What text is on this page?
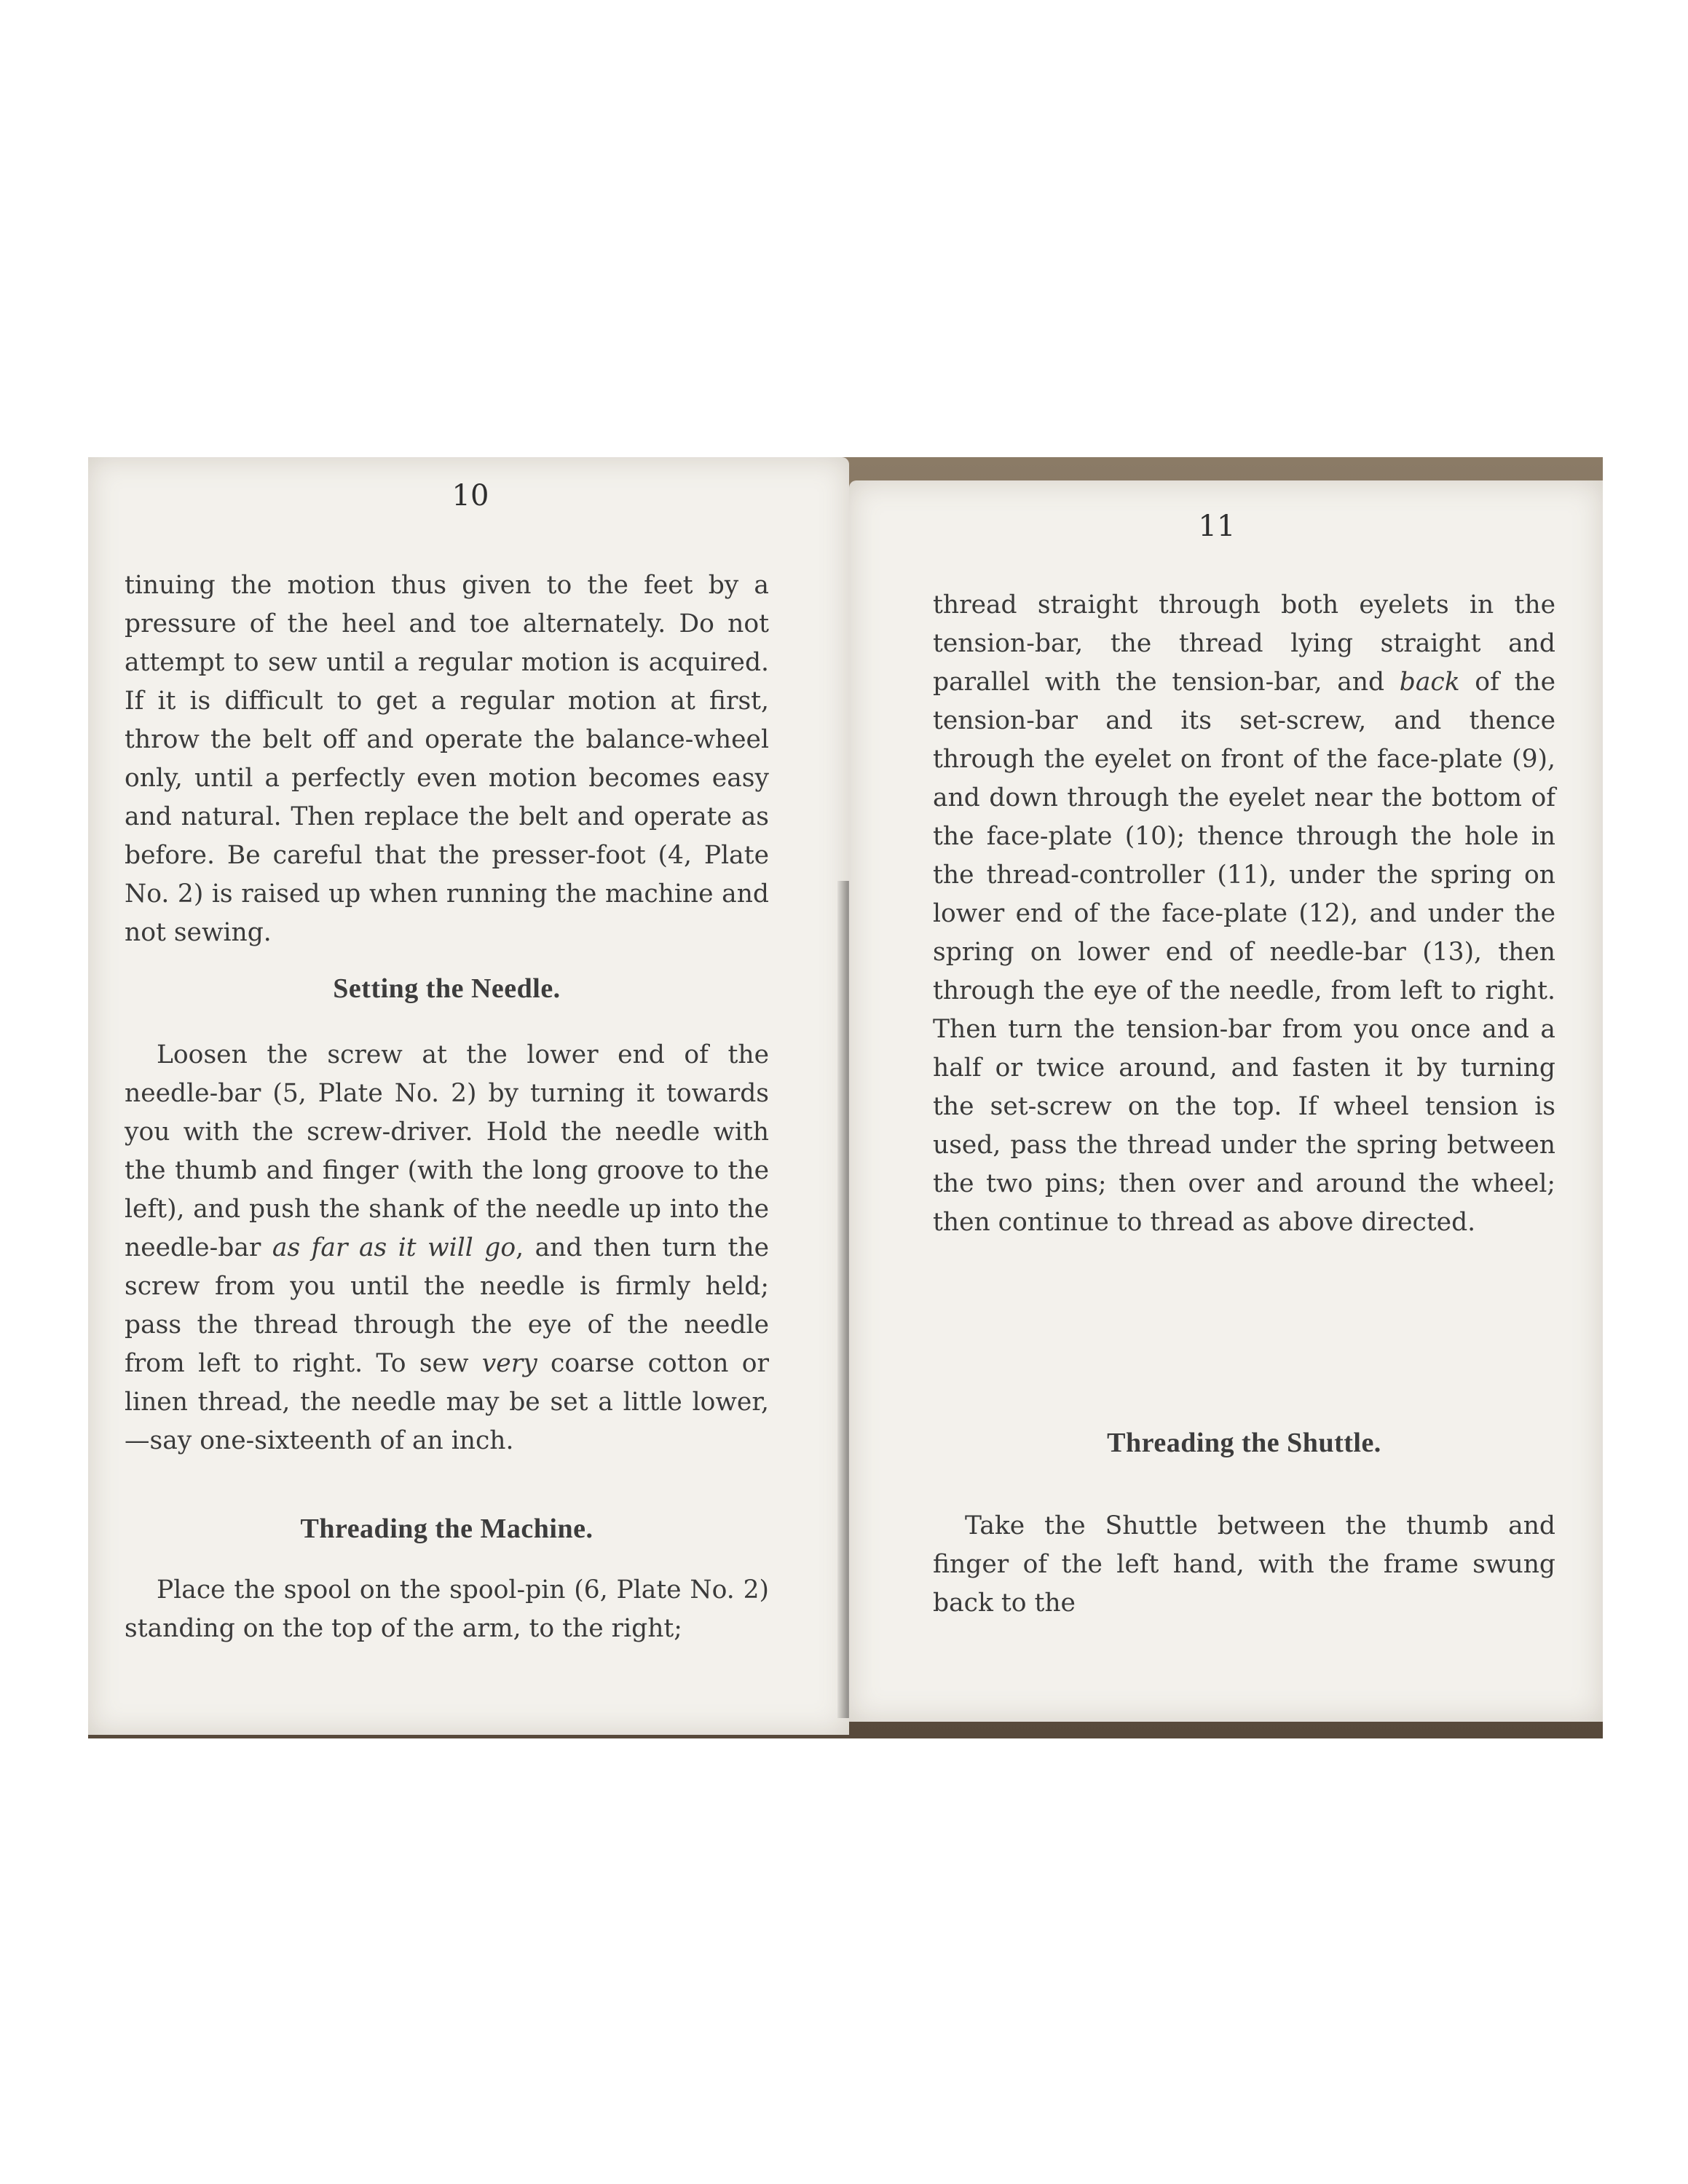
10

tinuing the motion thus given to the feet by a pressure of the heel and toe alternately. Do not attempt to sew until a regular motion is acquired. If it is difficult to get a regular motion at first, throw the belt off and operate the balance-wheel only, until a perfectly even motion becomes easy and natural. Then replace the belt and operate as before. Be careful that the presser-foot (4, Plate No. 2) is raised up when running the machine and not sewing.

Setting the Needle.

Loosen the screw at the lower end of the needle-bar (5, Plate No. 2) by turning it towards you with the screw-driver. Hold the needle with the thumb and finger (with the long groove to the left), and push the shank of the needle up into the needle-bar as far as it will go, and then turn the screw from you until the needle is firmly held; pass the thread through the eye of the needle from left to right. To sew very coarse cotton or linen thread, the needle may be set a little lower,—say one-sixteenth of an inch.

Threading the Machine.

Place the spool on the spool-pin (6, Plate No. 2) standing on the top of the arm, to the right;

11

thread straight through both eyelets in the tension-bar, the thread lying straight and parallel with the tension-bar, and back of the tension-bar and its set-screw, and thence through the eyelet on front of the face-plate (9), and down through the eyelet near the bottom of the face-plate (10); thence through the hole in the thread-controller (11), under the spring on lower end of the face-plate (12), and under the spring on lower end of needle-bar (13), then through the eye of the needle, from left to right. Then turn the tension-bar from you once and a half or twice around, and fasten it by turning the set-screw on the top. If wheel tension is used, pass the thread under the spring between the two pins; then over and around the wheel; then continue to thread as above directed.

Threading the Shuttle.

Take the Shuttle between the thumb and finger of the left hand, with the frame swung back to the
